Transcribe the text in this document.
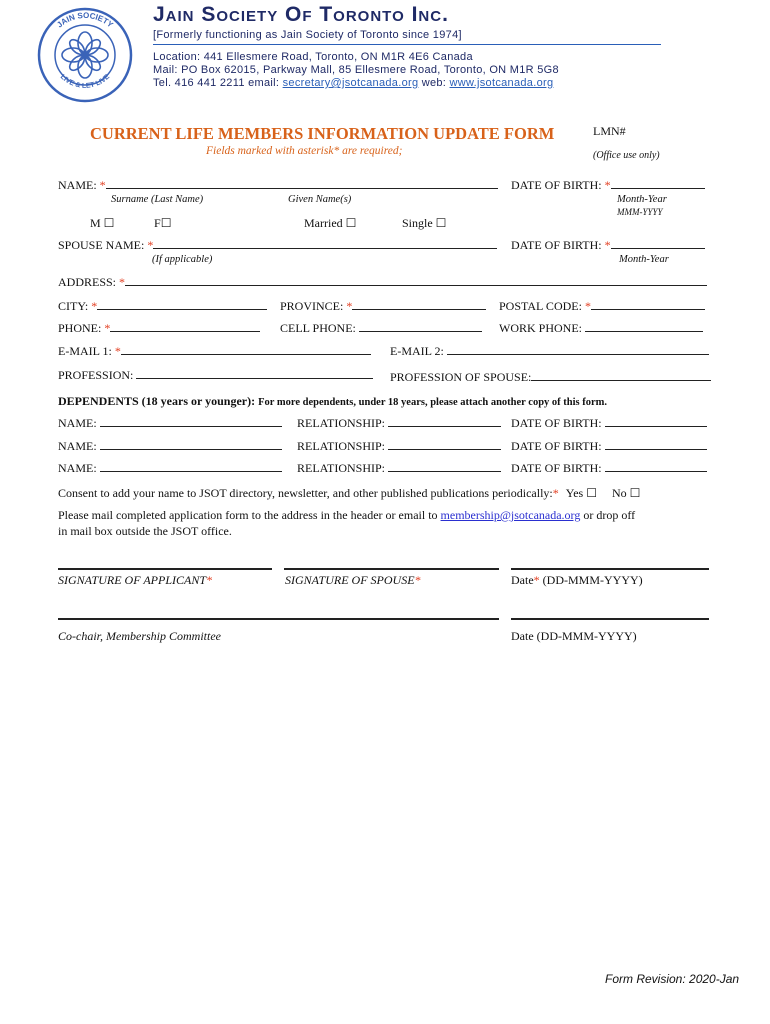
JAIN SOCIETY
LIVE & LET LIVE
Jain Society Of Toronto Inc.
[Formerly functioning as Jain Society of Toronto since 1974]
Location: 441 Ellesmere Road, Toronto, ON M1R 4E6 Canada
Mail: PO Box 62015, Parkway Mall, 85 Ellesmere Road, Toronto, ON M1R 5G8
Tel. 416 441 2211 email: secretary@jsotcanada.org web: www.jsotcanada.org
CURRENT LIFE MEMBERS INFORMATION UPDATE FORM
Fields marked with asterisk* are required;
LMN#
(Office use only)
NAME: *	DATE OF BIRTH: *
Surname (Last Name)	Given Name(s)	Month-Year
MMM-YYYY
M ☐	F☐	Married ☐	Single ☐
SPOUSE NAME: *	DATE OF BIRTH: *
(If applicable)	Month-Year
ADDRESS: *
CITY: *	PROVINCE: *	POSTAL CODE: *
PHONE: *	CELL PHONE:	WORK PHONE:
E-MAIL 1: *	E-MAIL 2:
PROFESSION:	PROFESSION OF SPOUSE:
DEPENDENTS (18 years or younger): For more dependents, under 18 years, please attach another copy of this form.
NAME:	RELATIONSHIP:	DATE OF BIRTH:
NAME:	RELATIONSHIP:	DATE OF BIRTH:
NAME:	RELATIONSHIP:	DATE OF BIRTH:
Consent to add your name to JSOT directory, newsletter, and other published publications periodically:* Yes ☐ No ☐
Please mail completed application form to the address in the header or email to membership@jsotcanada.org or drop off
in mail box outside the JSOT office.
SIGNATURE OF APPLICANT*	SIGNATURE OF SPOUSE*	Date* (DD-MMM-YYYY)
Co-chair, Membership Committee	Date (DD-MMM-YYYY)
Form Revision: 2020-Jan
